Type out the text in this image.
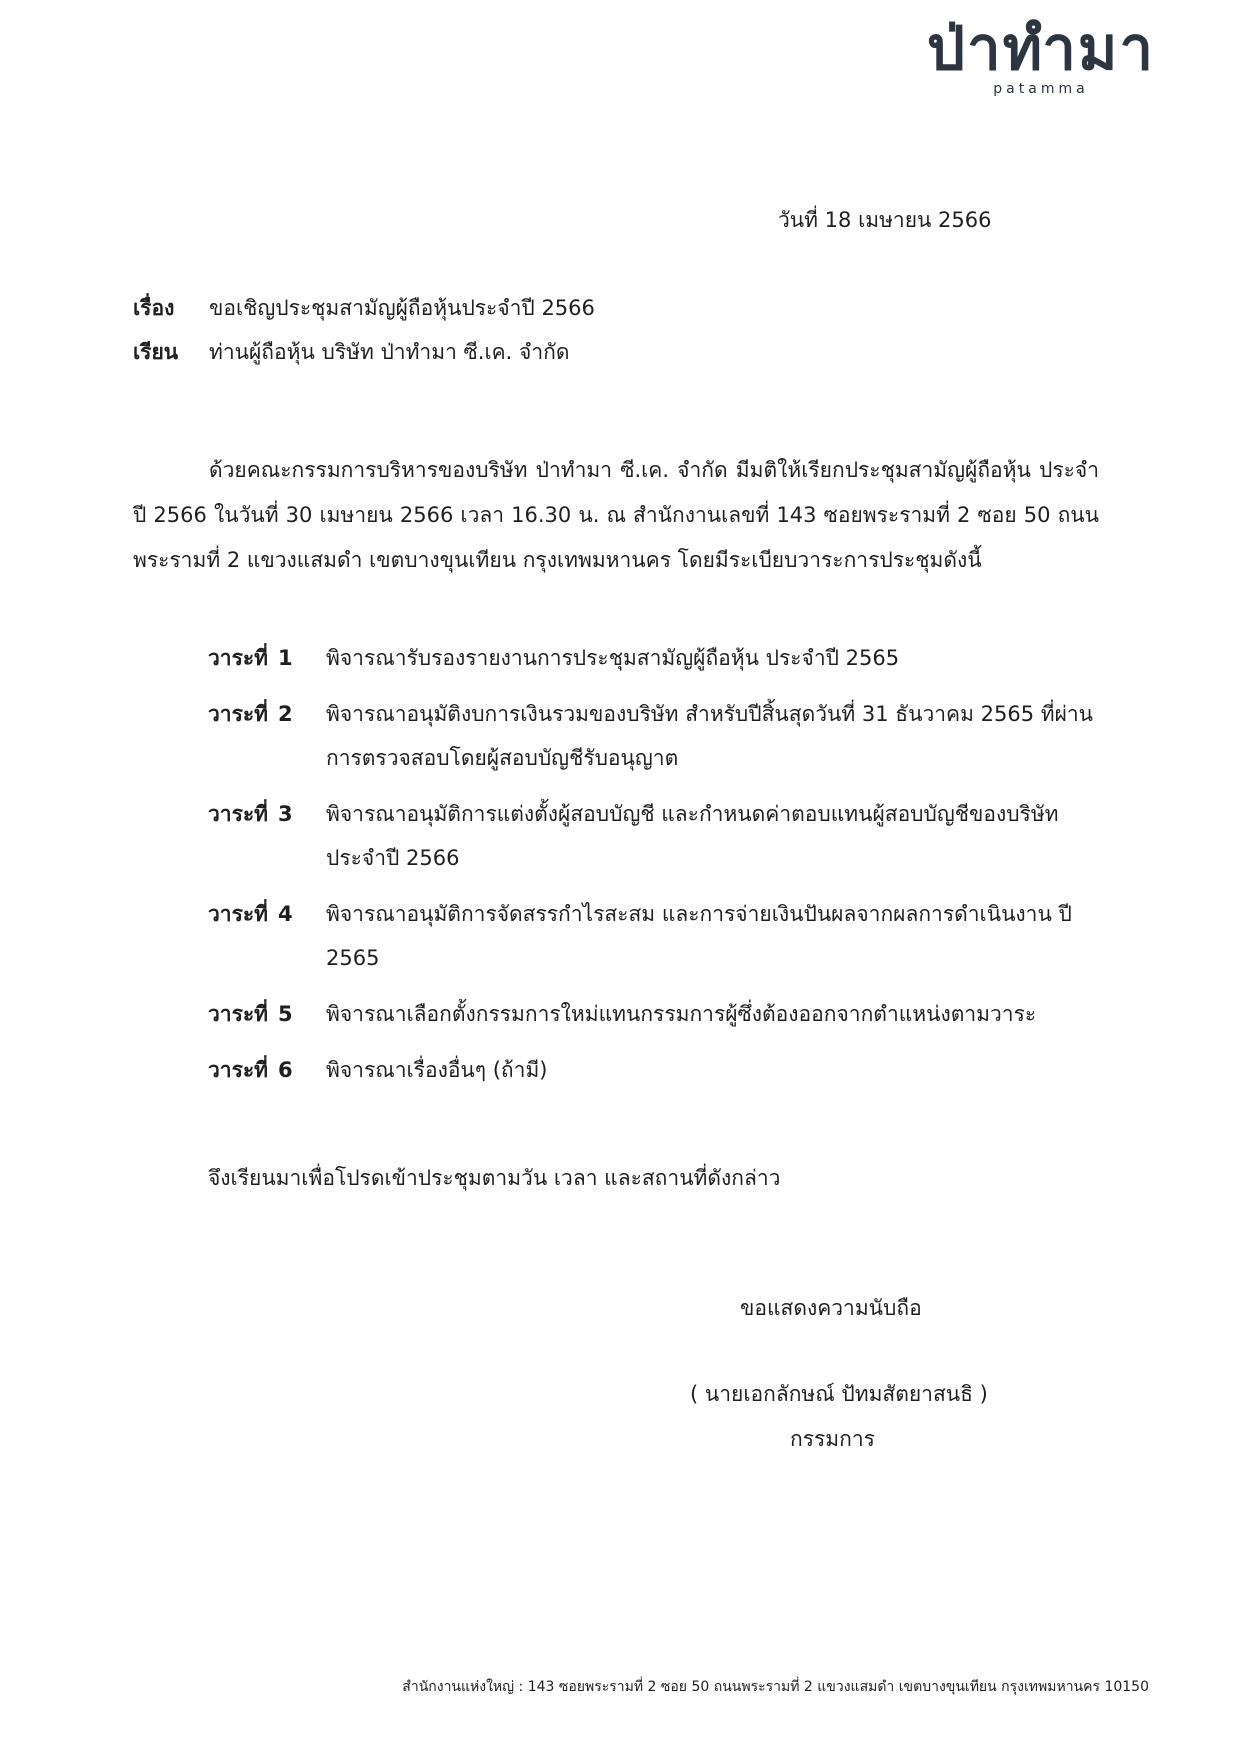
ป่าทำมา
patamma
วันที่ 18 เมษายน 2566
เรื่อง ขอเชิญประชุมสามัญผู้ถือหุ้นประจำปี 2566
เรียน ท่านผู้ถือหุ้น บริษัท ป่าทำมา ซี.เค. จำกัด

ด้วยคณะกรรมการบริหารของบริษัท ป่าทำมา ซี.เค. จำกัด มีมติให้เรียกประชุมสามัญผู้ถือหุ้น ประจำปี 2566 ในวันที่ 30 เมษายน 2566 เวลา 16.30 น. ณ สำนักงานเลขที่ 143 ซอยพระรามที่ 2 ซอย 50 ถนนพระรามที่ 2 แขวงแสมดำ เขตบางขุนเทียน กรุงเทพมหานคร โดยมีระเบียบวาระการประชุมดังนี้

วาระที่ 1	พิจารณารับรองรายงานการประชุมสามัญผู้ถือหุ้น ประจำปี 2565
วาระที่ 2	พิจารณาอนุมัติงบการเงินรวมของบริษัท สำหรับปีสิ้นสุดวันที่ 31 ธันวาคม 2565 ที่ผ่านการตรวจสอบโดยผู้สอบบัญชีรับอนุญาต
วาระที่ 3	พิจารณาอนุมัติการแต่งตั้งผู้สอบบัญชี และกำหนดค่าตอบแทนผู้สอบบัญชีของบริษัท ประจำปี 2566
วาระที่ 4	พิจารณาอนุมัติการจัดสรรกำไรสะสม และการจ่ายเงินปันผลจากผลการดำเนินงาน ปี 2565
วาระที่ 5	พิจารณาเลือกตั้งกรรมการใหม่แทนกรรมการผู้ซึ่งต้องออกจากตำแหน่งตามวาระ
วาระที่ 6	พิจารณาเรื่องอื่นๆ (ถ้ามี)
จึงเรียนมาเพื่อโปรดเข้าประชุมตามวัน เวลา และสถานที่ดังกล่าว
ขอแสดงความนับถือ
( นายเอกลักษณ์ ปัทมสัตยาสนธิ )
กรรมการ
สำนักงานแห่งใหญ่ : 143 ซอยพระรามที่ 2 ซอย 50 ถนนพระรามที่ 2 แขวงแสมดำ เขตบางขุนเทียน กรุงเทพมหานคร 10150
